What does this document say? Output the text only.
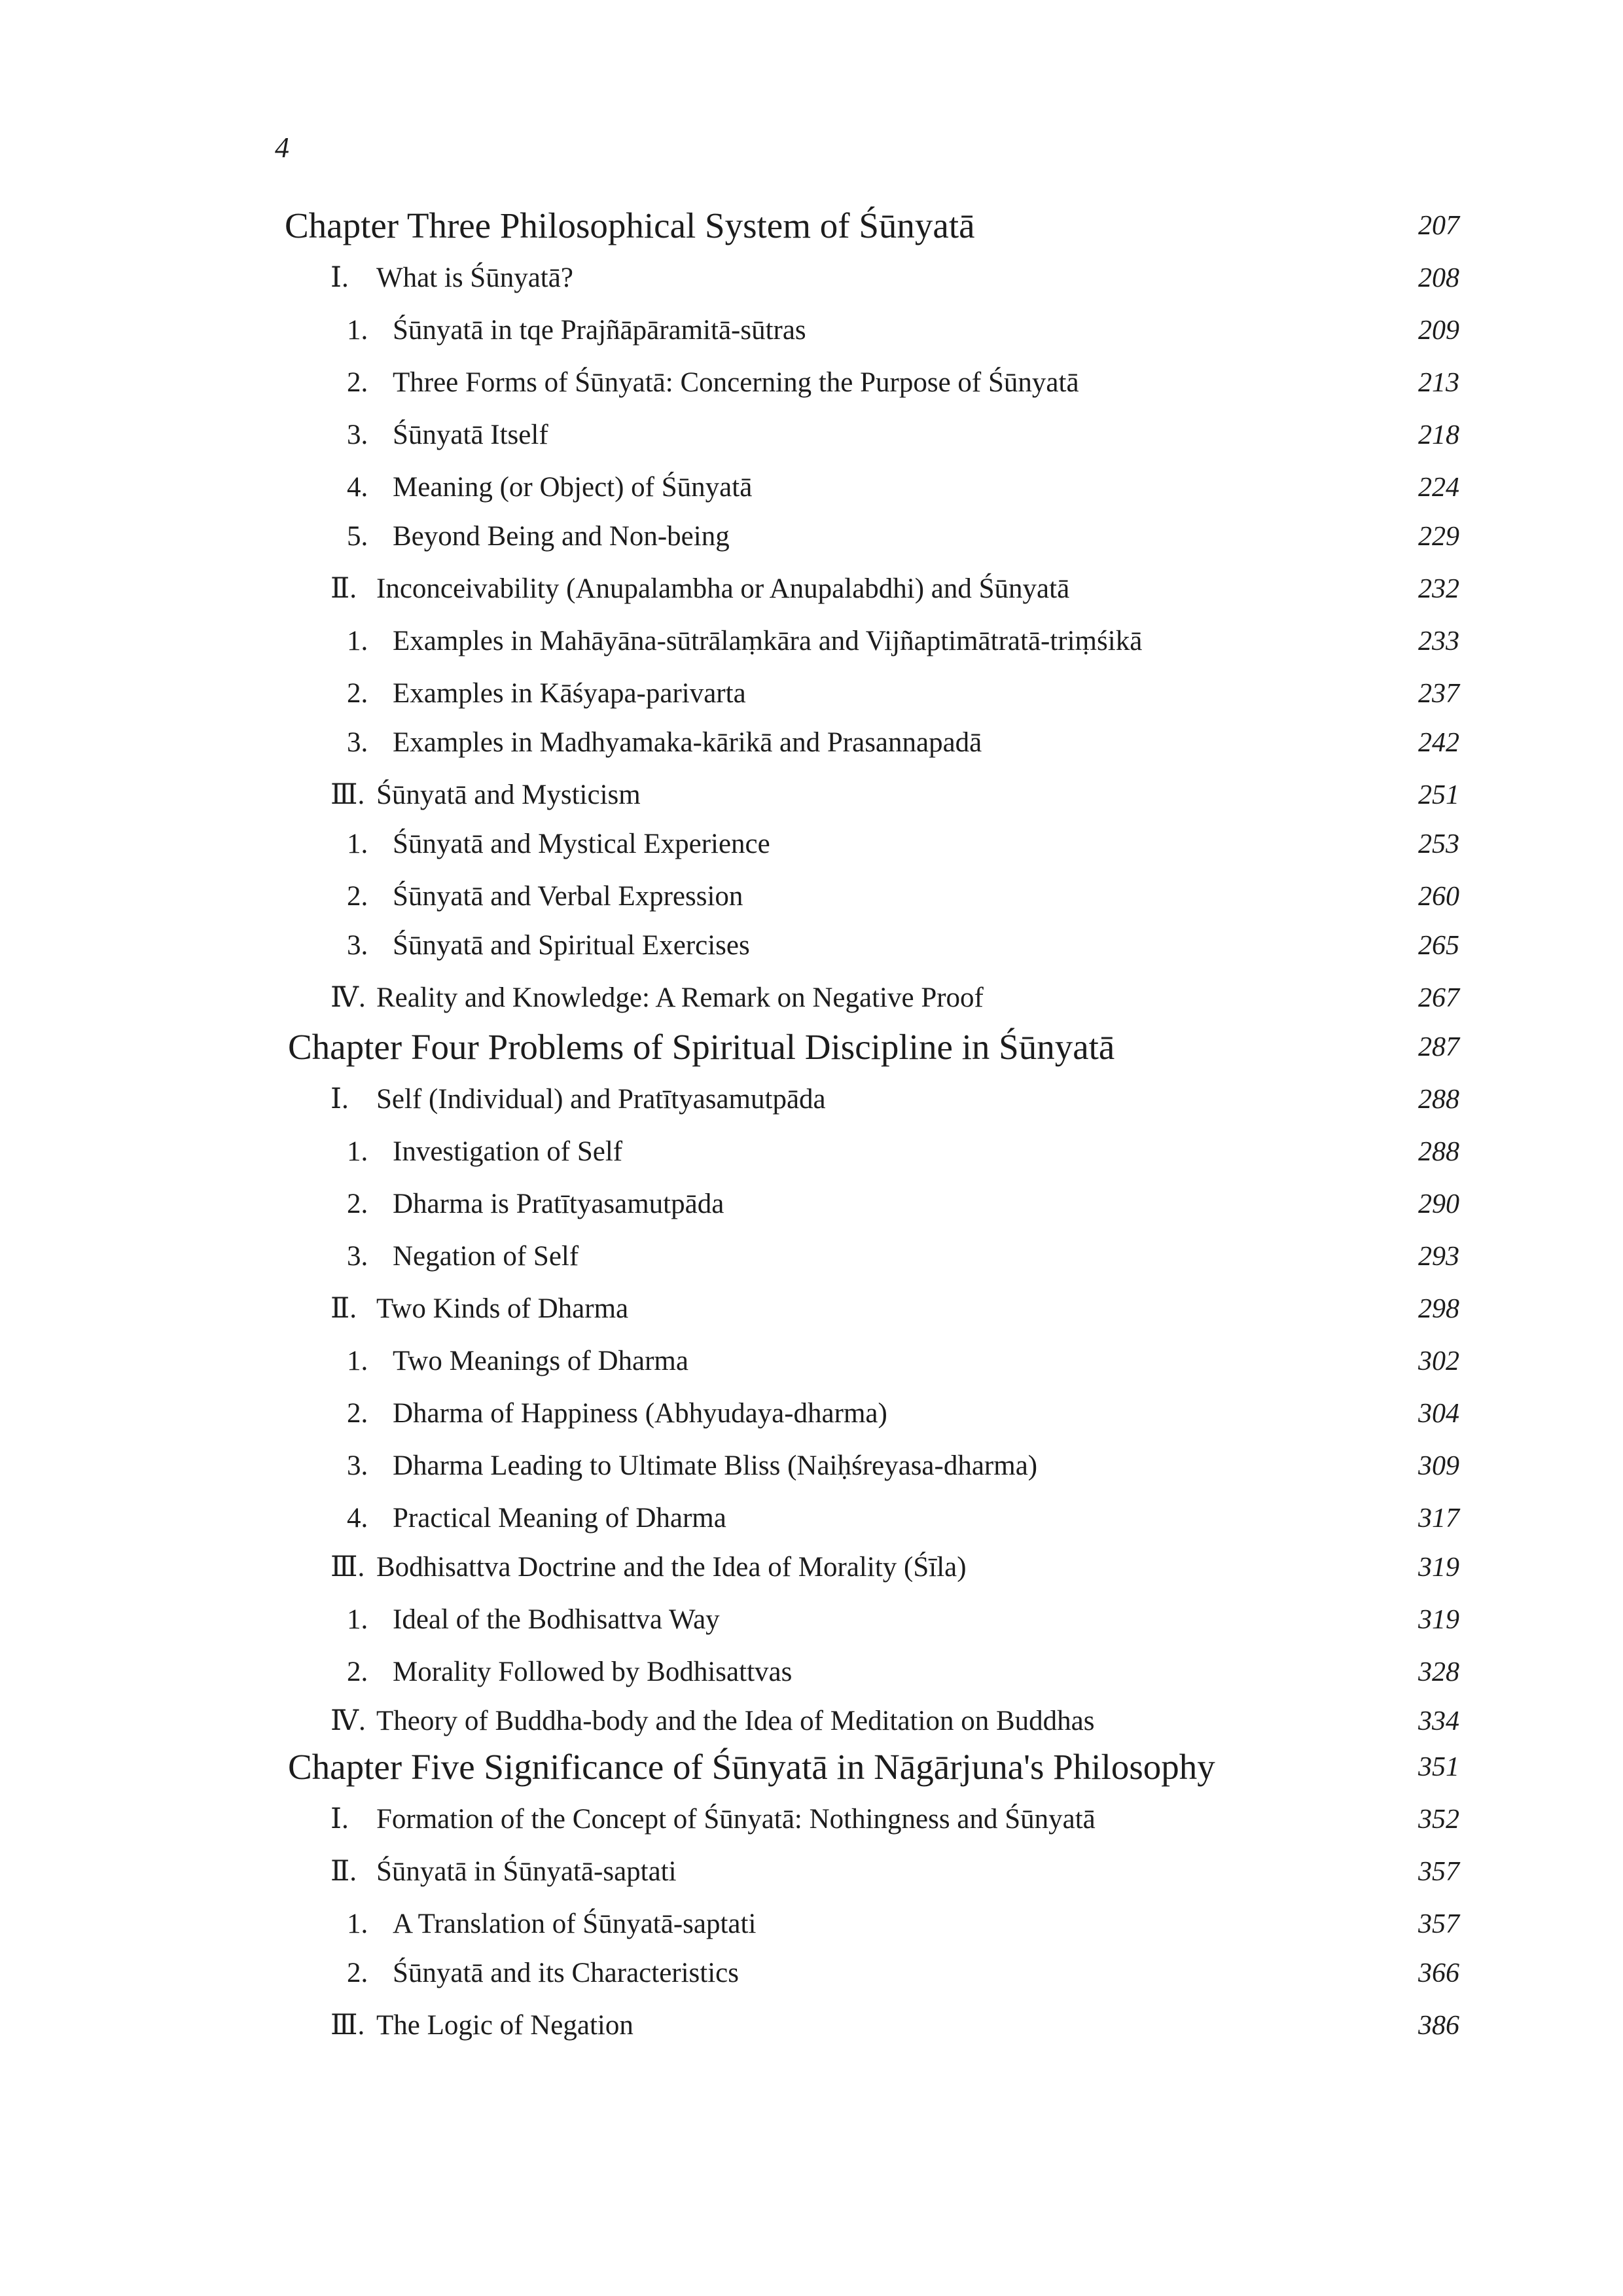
4
Chapter Three Philosophical System of Śūnyatā	207
Ⅰ. What is Śūnyatā?	208
1. Śūnyatā in tԛe Prajñāpāramitā-sūtras	209
2. Three Forms of Śūnyatā: Concerning the Purpose of Śūnyatā	213
3. Śūnyatā Itself	218
4. Meaning (or Object) of Śūnyatā	224
5. Beyond Being and Non-being	229
Ⅱ. Inconceivability (Anupalambha or Anupalabdhi) and Śūnyatā	232
1. Examples in Mahāyāna-sūtrālaṃkāra and Vijñaptimātratā-triṃśikā	233
2. Examples in Kāśyapa-parivarta	237
3. Examples in Madhyamaka-kārikā and Prasannapadā	242
Ⅲ. Śūnyatā and Mysticism	251
1. Śūnyatā and Mystical Experience	253
2. Śūnyatā and Verbal Expression	260
3. Śūnyatā and Spiritual Exercises	265
Ⅳ. Reality and Knowledge: A Remark on Negative Proof	267
Chapter Four Problems of Spiritual Discipline in Śūnyatā	287
Ⅰ. Self (Individual) and Pratītyasamutpāda	288
1. Investigation of Self	288
2. Dharma is Pratītyasamutpāda	290
3. Negation of Self	293
Ⅱ. Two Kinds of Dharma	298
1. Two Meanings of Dharma	302
2. Dharma of Happiness (Abhyudaya-dharma)	304
3. Dharma Leading to Ultimate Bliss (Naiḥśreyasa-dharma)	309
4. Practical Meaning of Dharma	317
Ⅲ. Bodhisattva Doctrine and the Idea of Morality (Śīla)	319
1. Ideal of the Bodhisattva Way	319
2. Morality Followed by Bodhisattvas	328
Ⅳ. Theory of Buddha-body and the Idea of Meditation on Buddhas	334
Chapter Five Significance of Śūnyatā in Nāgārjuna's Philosophy	351
Ⅰ. Formation of the Concept of Śūnyatā: Nothingness and Śūnyatā	352
Ⅱ. Śūnyatā in Śūnyatā-saptati	357
1. A Translation of Śūnyatā-saptati	357
2. Śūnyatā and its Characteristics	366
Ⅲ. The Logic of Negation	386
